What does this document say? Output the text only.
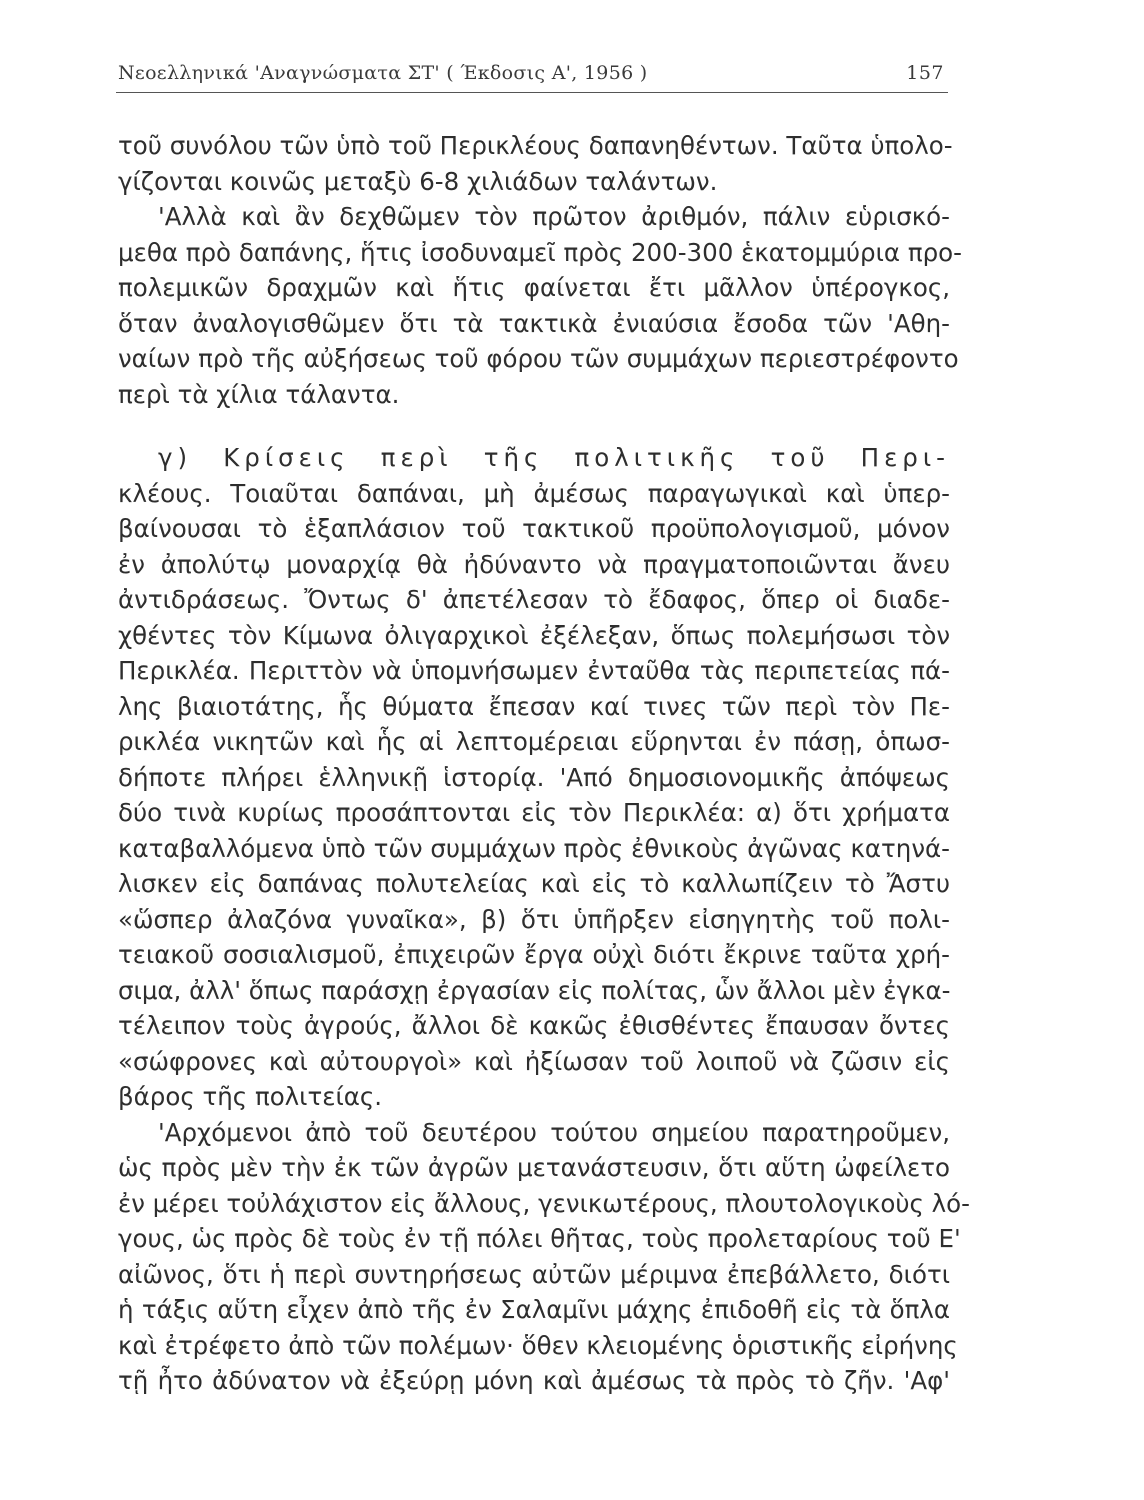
Νεοελληνικά 'Αναγνώσματα ΣΤ' ( Έκδοσις Α', 1956 )	157
τοῦ συνόλου τῶν ὑπὸ τοῦ Περικλέους δαπανηθέντων. Ταῦτα ὑπολο-
γίζονται κοινῶς μεταξὺ 6-8 χιλιάδων ταλάντων.
'Αλλὰ καὶ ἂν δεχθῶμεν τὸν πρῶτον ἀριθμόν, πάλιν εὑρισκό-
μεθα πρὸ δαπάνης, ἥτις ἰσοδυναμεῖ πρὸς 200-300 ἑκατομμύρια προ-
πολεμικῶν δραχμῶν καὶ ἥτις φαίνεται ἔτι μᾶλλον ὑπέρογκος,
ὅταν ἀναλογισθῶμεν ὅτι τὰ τακτικὰ ἐνιαύσια ἔσοδα τῶν 'Αθη-
ναίων πρὸ τῆς αὐξήσεως τοῦ φόρου τῶν συμμάχων περιεστρέφοντο
περὶ τὰ χίλια τάλαντα.
γ) Κρίσεις περὶ τῆς πολιτικῆς τοῦ Περι-
κλέους. Τοιαῦται δαπάναι, μὴ ἀμέσως παραγωγικαὶ καὶ ὑπερ-
βαίνουσαι τὸ ἑξαπλάσιον τοῦ τακτικοῦ προϋπολογισμοῦ, μόνον
ἐν ἀπολύτῳ μοναρχίᾳ θὰ ἠδύναντο νὰ πραγματοποιῶνται ἄνευ
ἀντιδράσεως. Ὄντως δ' ἀπετέλεσαν τὸ ἔδαφος, ὅπερ οἱ διαδε-
χθέντες τὸν Κίμωνα ὀλιγαρχικοὶ ἐξέλεξαν, ὅπως πολεμήσωσι τὸν
Περικλέα. Περιττὸν νὰ ὑπομνήσωμεν ἐνταῦθα τὰς περιπετείας πά-
λης βιαιοτάτης, ἧς θύματα ἔπεσαν καί τινες τῶν περὶ τὸν Πε-
ρικλέα νικητῶν καὶ ἧς αἱ λεπτομέρειαι εὕρηνται ἐν πάσῃ, ὁπωσ-
δήποτε πλήρει ἑλληνικῇ ἱστορίᾳ. 'Από δημοσιονομικῆς ἀπόψεως
δύο τινὰ κυρίως προσάπτονται εἰς τὸν Περικλέα: α) ὅτι χρήματα
καταβαλλόμενα ὑπὸ τῶν συμμάχων πρὸς ἐθνικοὺς ἀγῶνας κατηνά-
λισκεν εἰς δαπάνας πολυτελείας καὶ εἰς τὸ καλλωπίζειν τὸ Ἄστυ
«ὥσπερ ἀλαζόνα γυναῖκα», β) ὅτι ὑπῆρξεν εἰσηγητὴς τοῦ πολι-
τειακοῦ σοσιαλισμοῦ, ἐπιχειρῶν ἔργα οὐχὶ διότι ἔκρινε ταῦτα χρή-
σιμα, ἀλλ' ὅπως παράσχῃ ἐργασίαν εἰς πολίτας, ὧν ἄλλοι μὲν ἐγκα-
τέλειπον τοὺς ἀγρούς, ἄλλοι δὲ κακῶς ἐθισθέντες ἔπαυσαν ὄντες
«σώφρονες καὶ αὐτουργοὶ» καὶ ἠξίωσαν τοῦ λοιποῦ νὰ ζῶσιν εἰς
βάρος τῆς πολιτείας.
'Αρχόμενοι ἀπὸ τοῦ δευτέρου τούτου σημείου παρατηροῦμεν,
ὡς πρὸς μὲν τὴν ἐκ τῶν ἀγρῶν μετανάστευσιν, ὅτι αὕτη ὠφείλετο
ἐν μέρει τοὐλάχιστον εἰς ἄλλους, γενικωτέρους, πλουτολογικοὺς λό-
γους, ὡς πρὸς δὲ τοὺς ἐν τῇ πόλει θῆτας, τοὺς προλεταρίους τοῦ Ε'
αἰῶνος, ὅτι ἡ περὶ συντηρήσεως αὐτῶν μέριμνα ἐπεβάλλετο, διότι
ἡ τάξις αὕτη εἶχεν ἀπὸ τῆς ἐν Σαλαμῖνι μάχης ἐπιδοθῆ εἰς τὰ ὅπλα
καὶ ἐτρέφετο ἀπὸ τῶν πολέμων· ὅθεν κλειομένης ὁριστικῆς εἰρήνης
τῇ ἦτο ἀδύνατον νὰ ἐξεύρῃ μόνη καὶ ἀμέσως τὰ πρὸς τὸ ζῆν. 'Αφ'
